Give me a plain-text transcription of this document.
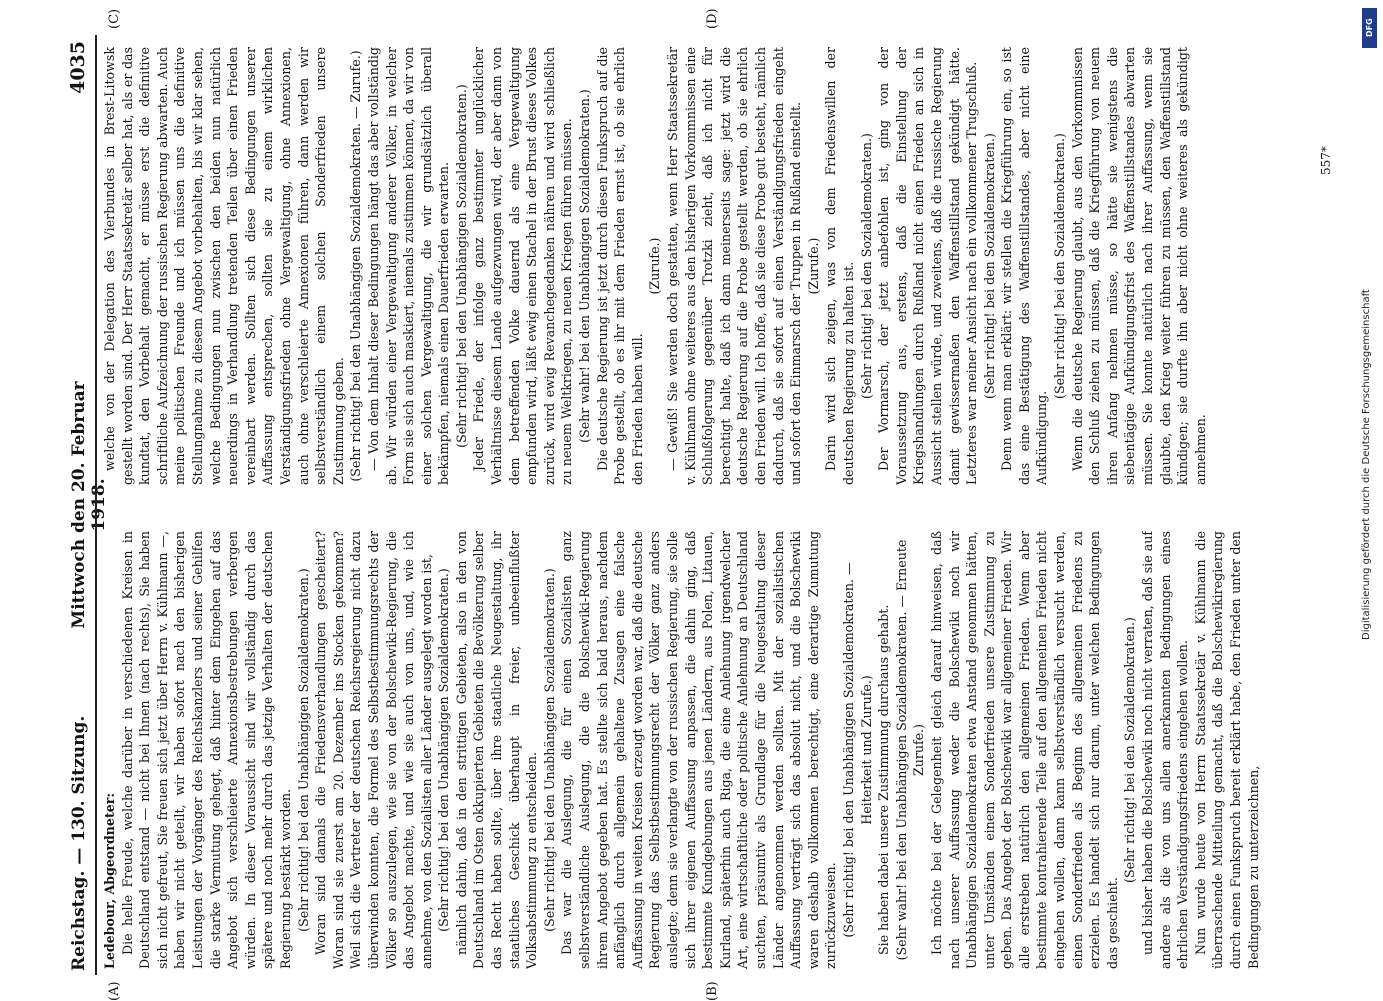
Reichstag. — 130. Sitzung.
Mittwoch den 20. Februar 1918.
4035
(A)	(B)
(C)	(D)

Ledebour, Abgeordneter: Die helle Freude, welche darüber in verschiedenen Kreisen in Deutschland entstand — nicht bei Ihnen (nach rechts), Sie haben sich nicht gefreut, Sie freuen sich jetzt über Herrn v. Kühlmann —, haben wir nicht geteilt, wir haben sofort nach den bisherigen Leistungen der Vorgänger des Reichskanzlers und seiner Gehilfen die starke Vermutung gehegt, daß hinter dem Eingehen auf das Angebot sich verschleierte Annexionsbestrebungen verbergen würden. In dieser Voraussicht sind wir vollständig durch das spätere und noch mehr durch das jetzige Verhalten der deutschen Regierung bestärkt worden. (Sehr richtig! bei den Unabhängigen Sozialdemokraten.) Woran sind damals die Friedensverhandlungen gescheitert? Woran sind sie zuerst am 20. Dezember ins Stocken gekommen? Weil sich die Vertreter der deutschen Reichsregierung nicht dazu überwinden konnten, die Formel des Selbstbestimmungsrechts der Völker so auszulegen, wie sie von der Bolschewiki-Regierung, die das Angebot machte, und wie sie auch von uns, und, wie ich annehme, von den Sozialisten aller Länder ausgelegt worden ist, (Sehr richtig! bei den Unabhängigen Sozialdemokraten.) nämlich dahin, daß in den strittigen Gebieten, also in den von Deutschland im Osten okkupierten Gebieten die Bevölkerung selber das Recht haben sollte, über ihre staatliche Neugestaltung, ihr staatliches Geschick überhaupt in freier, unbeeinflußter Volksabstimmung zu entscheiden. (Sehr richtig! bei den Unabhängigen Sozialdemokraten.) Das war die Auslegung, die für einen Sozialisten ganz selbstverständliche Auslegung, die die Bolschewiki-Regierung ihrem Angebot gegeben hat. Es stellte sich bald heraus, nachdem anfänglich durch allgemein gehaltene Zusagen eine falsche Auffassung in weiten Kreisen erzeugt worden war, daß die deutsche Regierung das Selbstbestimmungsrecht der Völker ganz anders auslegte; denn sie verlangte von der russischen Regierung, sie solle sich ihrer eigenen Auffassung anpassen, die dahin ging, daß bestimmte Kundgebungen aus jenen Ländern, aus Polen, Litauen, Kurland, späterhin auch Riga, die eine Anlehnung irgendwelcher Art, eine wirtschaftliche oder politische Anlehnung an Deutschland suchten, präsumtiv als Grundlage für die Neugestaltung dieser Länder angenommen werden sollten. Mit der sozialistischen Auffassung verträgt sich das absolut nicht, und die Bolschewiki waren deshalb vollkommen berechtigt, eine derartige Zumutung zurückzuweisen. (Sehr richtig! bei den Unabhängigen Sozialdemokraten. — Heiterkeit und Zurufe.) Sie haben dabei unsere Zustimmung durchaus gehabt. (Sehr wahr! bei den Unabhängigen Sozialdemokraten. — Erneute Zurufe.) Ich möchte bei der Gelegenheit gleich darauf hinweisen, daß nach unserer Auffassung weder die Bolschewiki noch wir Unabhängigen Sozialdemokraten etwa Anstand genommen hätten, unter Umständen einem Sonderfrieden unsere Zustimmung zu geben. Das Angebot der Bolschewiki war allgemeiner Frieden. Wir alle erstreben natürlich den allgemeinen Frieden. Wenn aber bestimmte kontrahierende Teile auf den allgemeinen Frieden nicht eingehen wollen, dann kann selbstverständlich versucht werden, einen Sonderfrieden als Beginn des allgemeinen Friedens zu erzielen. Es handelt sich nur darum, unter welchen Bedingungen das geschieht.

(Sehr richtig! bei den Sozialdemokraten.) und bisher haben die Bolschewiki noch nicht verraten, daß sie auf andere als die von uns allen anerkannten Bedingungen eines ehrlichen Verständigungsfriedens eingehen wollen. Nun wurde heute von Herrn Staatssekretär v. Kühlmann die überraschende Mitteilung gemacht, daß die Bolschewikiregierung durch einen Funkspruch bereit erklärt habe, den Frieden unter den Bedingungen zu unterzeichnen,

welche von der Delegation des Vierbundes in Brest-Litowsk gestellt worden sind. Der Herr Staatssekretär selber hat, als er das kundtat, den Vorbehalt gemacht, er müsse erst die definitive schriftliche Aufzeichnung der russischen Regierung abwarten. Auch meine politischen Freunde und ich müssen uns die definitive Stellungnahme zu diesem Angebot vorbehalten, bis wir klar sehen, welche Bedingungen nun zwischen den beiden nun natürlich neuerdings in Verhandlung tretenden Teilen über einen Frieden vereinbart werden. Sollten sich diese Bedingungen unserer Auffassung entsprechen, sollten sie zu einem wirklichen Verständigungsfrieden ohne Vergewaltigung, ohne Annexionen, auch ohne verschleierte Annexionen führen, dann werden wir selbstverständlich einem solchen Sonderfrieden unsere Zustimmung geben. (Sehr richtig! bei den Unabhängigen Sozialdemokraten. — Zurufe.) — Von dem Inhalt dieser Bedingungen hängt das aber vollständig ab. Wir würden einer Vergewaltigung anderer Völker, in welcher Form sie sich auch maskiert, niemals zustimmen können, da wir von einer solchen Vergewaltigung, die wir grundsätzlich überall bekämpfen, niemals einen Dauerfrieden erwarten. (Sehr richtig! bei den Unabhängigen Sozialdemokraten.) Jeder Friede, der infolge ganz bestimmter unglücklicher Verhältnisse diesem Lande aufgezwungen wird, der aber dann von dem betreffenden Volke dauernd als eine Vergewaltigung empfunden wird, läßt ewig einen Stachel in der Brust dieses Volkes zurück, wird ewig Revanchegedanken nähren und wird schließlich zu neuem Weltkriegen, zu neuen Kriegen führen müssen. (Sehr wahr! bei den Unabhängigen Sozialdemokraten.) Die deutsche Regierung ist jetzt durch diesen Funkspruch auf die Probe gestellt, ob es ihr mit dem Frieden ernst ist, ob sie ehrlich den Frieden haben will.

(Zurufe.) — Gewiß! Sie werden doch gestatten, wenn Herr Staatssekretär v. Kühlmann ohne weiteres aus den bisherigen Vorkommnissen eine Schlußfolgerung gegenüber Trotzki zieht, daß ich nicht für berechtigt halte, daß ich dann meinerseits sage: jetzt wird die deutsche Regierung auf die Probe gestellt werden, ob sie ehrlich den Frieden will. Ich hoffe, daß sie diese Probe gut besteht, nämlich dadurch, daß sie sofort auf einen Verständigungsfrieden eingeht und sofort den Einmarsch der Truppen in Rußland einstellt. (Zurufe.) Darin wird sich zeigen, was von dem Friedenswillen der deutschen Regierung zu halten ist. (Sehr richtig! bei den Sozialdemokraten.) Der Vormarsch, der jetzt anbefohlen ist, ging von der Voraussetzung aus, erstens, daß die Einstellung der Kriegshandlungen durch Rußland nicht einen Frieden an sich in Aussicht stellen würde, und zweitens, daß die russische Regierung damit gewissermaßen den Waffenstillstand gekündigt hätte. Letzteres war meiner Ansicht nach ein vollkommener Trugschluß. (Sehr richtig! bei den Sozialdemokraten.) Denn wenn man erklärt: wir stellen die Kriegführung ein, so ist das eine Bestätigung des Waffenstillstandes, aber nicht eine Aufkündigung.

(Sehr richtig! bei den Sozialdemokraten.) Wenn die deutsche Regierung glaubt, aus den Vorkommnissen den Schluß ziehen zu müssen, daß die Kriegführung von neuem ihren Anfang nehmen müsse, so hätte sie wenigstens die siebentägige Aufkündigungsfrist des Waffenstillstandes abwarten müssen. Sie konnte natürlich nach ihrer Auffassung, wenn sie glaubte, den Krieg weiter führen zu müssen, den Waffenstillstand kündigen; sie durfte ihn aber nicht ohne weiteres als gekündigt annehmen.

557*
DFG
Digitalisierung gefördert durch die Deutsche Forschungsgemeinschaft
